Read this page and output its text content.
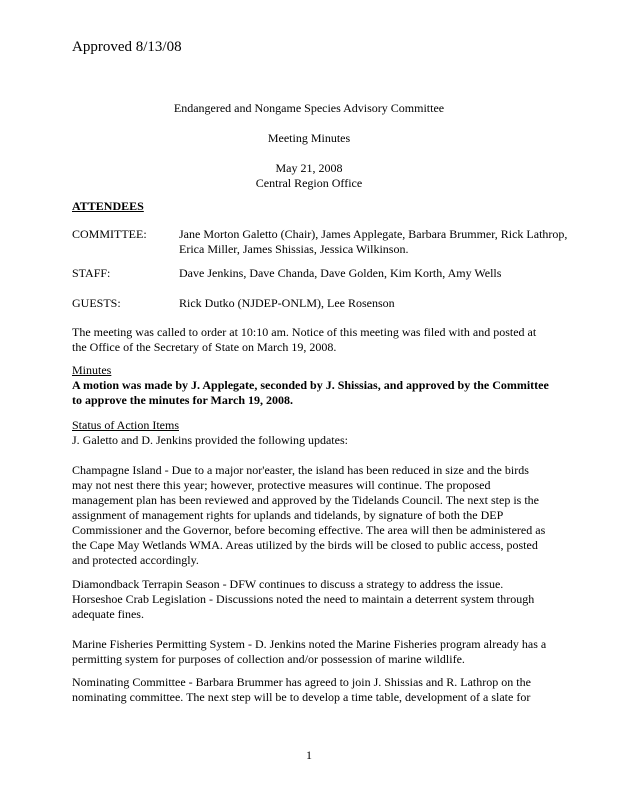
Approved 8/13/08
Endangered and Nongame Species Advisory Committee
Meeting Minutes
May 21, 2008
Central Region Office
ATTENDEES
COMMITTEE:	Jane Morton Galetto (Chair), James Applegate, Barbara Brummer, Rick Lathrop, Erica Miller, James Shissias, Jessica Wilkinson.
STAFF:	Dave Jenkins, Dave Chanda, Dave Golden, Kim Korth, Amy Wells
GUESTS:	Rick Dutko (NJDEP-ONLM), Lee Rosenson

The meeting was called to order at 10:10 am. Notice of this meeting was filed with and posted at the Office of the Secretary of State on March 19, 2008.

Minutes

A motion was made by J. Applegate, seconded by J. Shissias, and approved by the Committee to approve the minutes for March 19, 2008.

Status of Action Items
J. Galetto and D. Jenkins provided the following updates:

Champagne Island - Due to a major nor'easter, the island has been reduced in size and the birds may not nest there this year; however, protective measures will continue. The proposed management plan has been reviewed and approved by the Tidelands Council. The next step is the assignment of management rights for uplands and tidelands, by signature of both the DEP Commissioner and the Governor, before becoming effective. The area will then be administered as the Cape May Wetlands WMA. Areas utilized by the birds will be closed to public access, posted and protected accordingly.

Diamondback Terrapin Season - DFW continues to discuss a strategy to address the issue.

Horseshoe Crab Legislation - Discussions noted the need to maintain a deterrent system through adequate fines.

Marine Fisheries Permitting System - D. Jenkins noted the Marine Fisheries program already has a permitting system for purposes of collection and/or possession of marine wildlife.

Nominating Committee - Barbara Brummer has agreed to join J. Shissias and R. Lathrop on the nominating committee. The next step will be to develop a time table, development of a slate for

1
